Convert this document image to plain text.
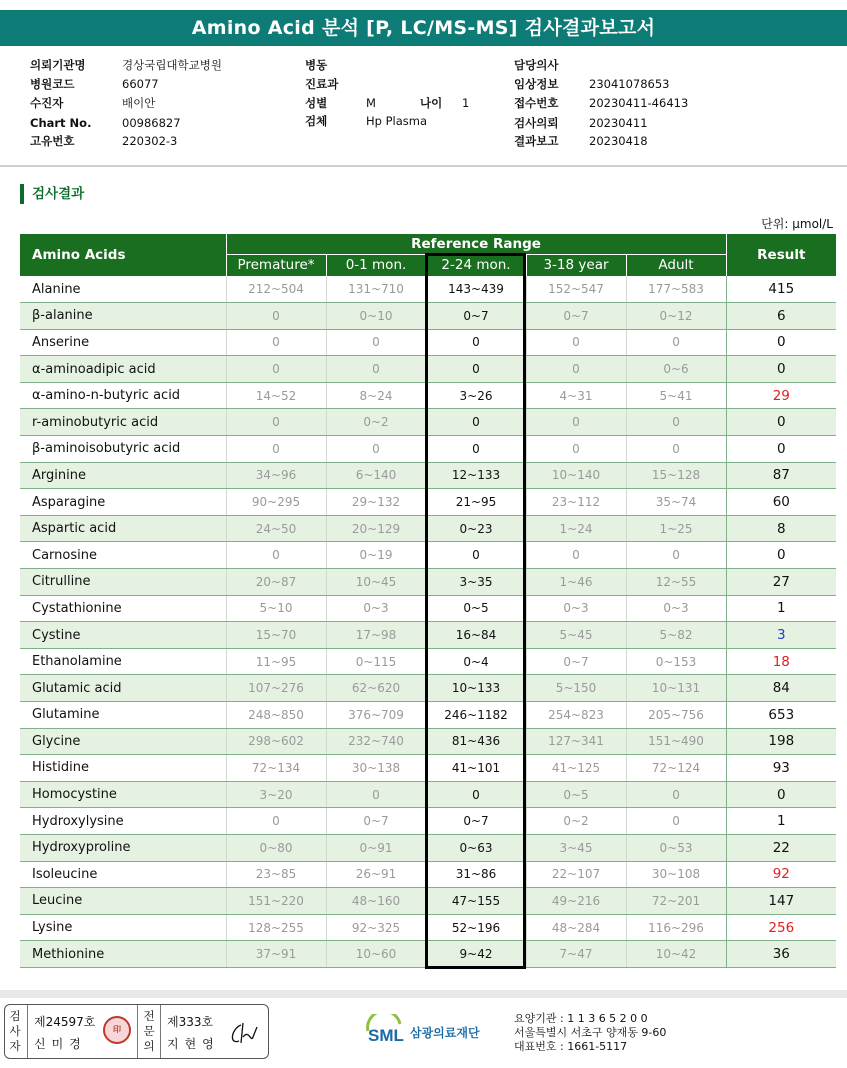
Amino Acid 분석 [P, LC/MS-MS] 검사결과보고서
의뢰기관명	경상국립대학교병원
병원코드	66077
수진자	배이안
Chart No.	00986827
고유번호	220302-3
병동
진료과
성별	M	나이 1
검체	Hp Plasma
담당의사
임상정보	23041078653
접수번호	20230411-46413
검사의뢰	20230411
결과보고	20230418
검사결과
단위: μmol/L
Amino Acids	Reference Range					Result
	Premature*	0-1 mon.	2-24 mon.	3-18 year	Adult	
Alanine	212~504	131~710	143~439	152~547	177~583	415
β-alanine	0	0~10	0~7	0~7	0~12	6
Anserine	0	0	0	0	0	0
α-aminoadipic acid	0	0	0	0	0~6	0
α-amino-n-butyric acid	14~52	8~24	3~26	4~31	5~41	29
r-aminobutyric acid	0	0~2	0	0	0	0
β-aminoisobutyric acid	0	0	0	0	0	0
Arginine	34~96	6~140	12~133	10~140	15~128	87
Asparagine	90~295	29~132	21~95	23~112	35~74	60
Aspartic acid	24~50	20~129	0~23	1~24	1~25	8
Carnosine	0	0~19	0	0	0	0
Citrulline	20~87	10~45	3~35	1~46	12~55	27
Cystathionine	5~10	0~3	0~5	0~3	0~3	1
Cystine	15~70	17~98	16~84	5~45	5~82	3
Ethanolamine	11~95	0~115	0~4	0~7	0~153	18
Glutamic acid	107~276	62~620	10~133	5~150	10~131	84
Glutamine	248~850	376~709	246~1182	254~823	205~756	653
Glycine	298~602	232~740	81~436	127~341	151~490	198
Histidine	72~134	30~138	41~101	41~125	72~124	93
Homocystine	3~20	0	0	0~5	0	0
Hydroxylysine	0	0~7	0~7	0~2	0	1
Hydroxyproline	0~80	0~91	0~63	3~45	0~53	22
Isoleucine	23~85	26~91	31~86	22~107	30~108	92
Leucine	151~220	48~160	47~155	49~216	72~201	147
Lysine	128~255	92~325	52~196	48~284	116~296	256
Methionine	37~91	10~60	9~42	7~47	10~42	36
검
사
자
제24597호
신미경
印
전
문
의
제333호
지현영	SML 삼광의료재단
요양기관 : 1 1 3 6 5 2 0 0
서울특별시 서초구 양재동 9-60
대표번호 : 1661-5117
